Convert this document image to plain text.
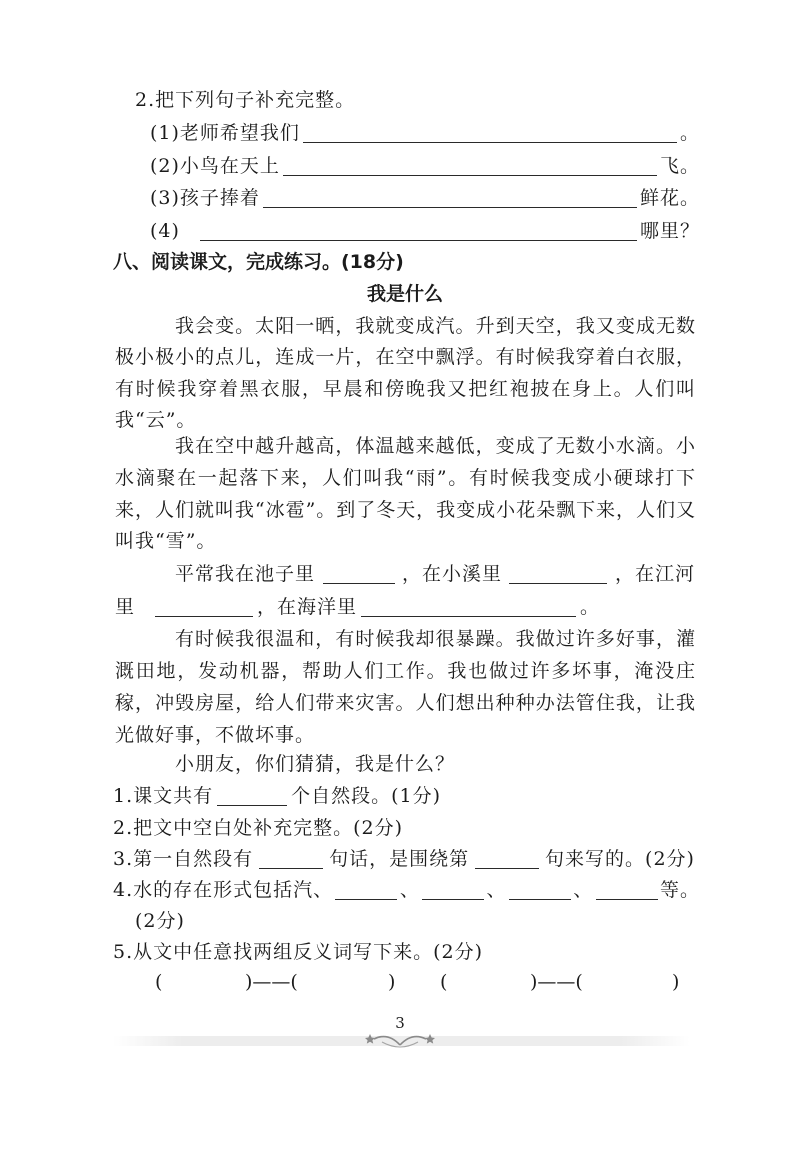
2.把下列句子补充完整。
(1)老师希望我们	。
(2)小鸟在天上	飞。
(3)孩子捧着	鲜花。
(4)	哪里？
八、阅读课文，完成练习。(18分)
我是什么
我会变。太阳一晒，我就变成汽。升到天空，我又变成无数
极小极小的点儿，连成一片，在空中飘浮。有时候我穿着白衣服，
有时候我穿着黑衣服，早晨和傍晚我又把红袍披在身上。人们叫
我“云”。
我在空中越升越高，体温越来越低，变成了无数小水滴。小
水滴聚在一起落下来，人们叫我“雨”。有时候我变成小硬球打下
来，人们就叫我“冰雹”。到了冬天，我变成小花朵飘下来，人们又
叫我“雪”。
平常我在池子里	，在小溪里	，在江河
里	，在海洋里	。
有时候我很温和，有时候我却很暴躁。我做过许多好事，灌
溉田地，发动机器，帮助人们工作。我也做过许多坏事，淹没庄
稼，冲毁房屋，给人们带来灾害。人们想出种种办法管住我，让我
光做好事，不做坏事。
小朋友，你们猜猜，我是什么？
1.课文共有	个自然段。(1分)
2.把文中空白处补充完整。(2分)
3.第一自然段有	句话，是围绕第	句来写的。(2分)
4.水的存在形式包括汽、	、	、	、	等。
(2分)
5.从文中任意找两组反义词写下来。(2分)
(	)——(	) (	)——(	)
3
